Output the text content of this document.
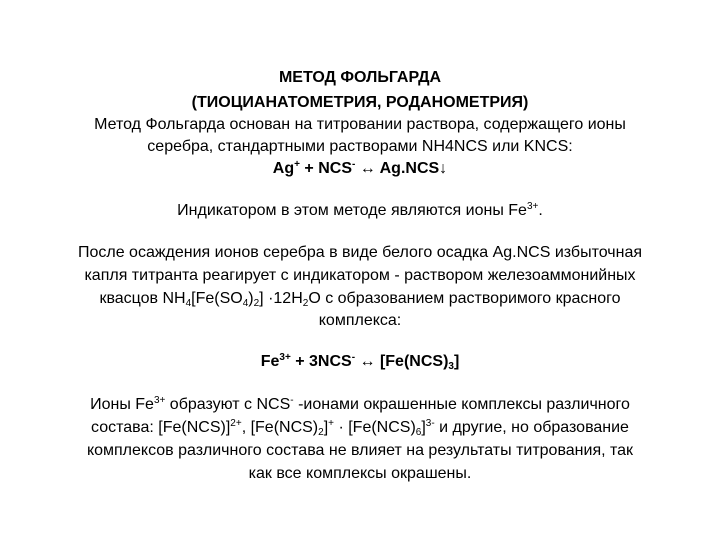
МЕТОД ФОЛЬГАРДА
(ТИОЦИАНАТОМЕТРИЯ, РОДАНОМЕТРИЯ)
Метод Фольгарда основан на титровании раствора, содержащего ионы
серебра, стандартными растворами NH4NCS или KNCS:
Ag+ + NCS- ↔ Ag.NCS↓
Индикатором в этом методе являются ионы $Fe^{3+}$.
После осаждения ионов серебра в виде белого осадка Ag.NCS избыточная
капля титранта реагирует с индикатором - раствором железоаммонийных
квасцов $NH_4[Fe(SO_4)_2] \cdot 12H_2O$ с образованием растворимого красного
комплекса:
$Fe^{3+} + 3NCS^-$ ↔ $[Fe(NCS)_3]$
Ионы $Fe^{3+}$ образуют с NCS- -ионами окрашенные комплексы различного
состава: $[Fe(NCS)]^{2+}$, $[Fe(NCS)_2]^+ \cdot [Fe(NCS)_6]^{3-}$ и другие, но образование
комплексов различного состава не влияет на результаты титрования, так
как все комплексы окрашены.
